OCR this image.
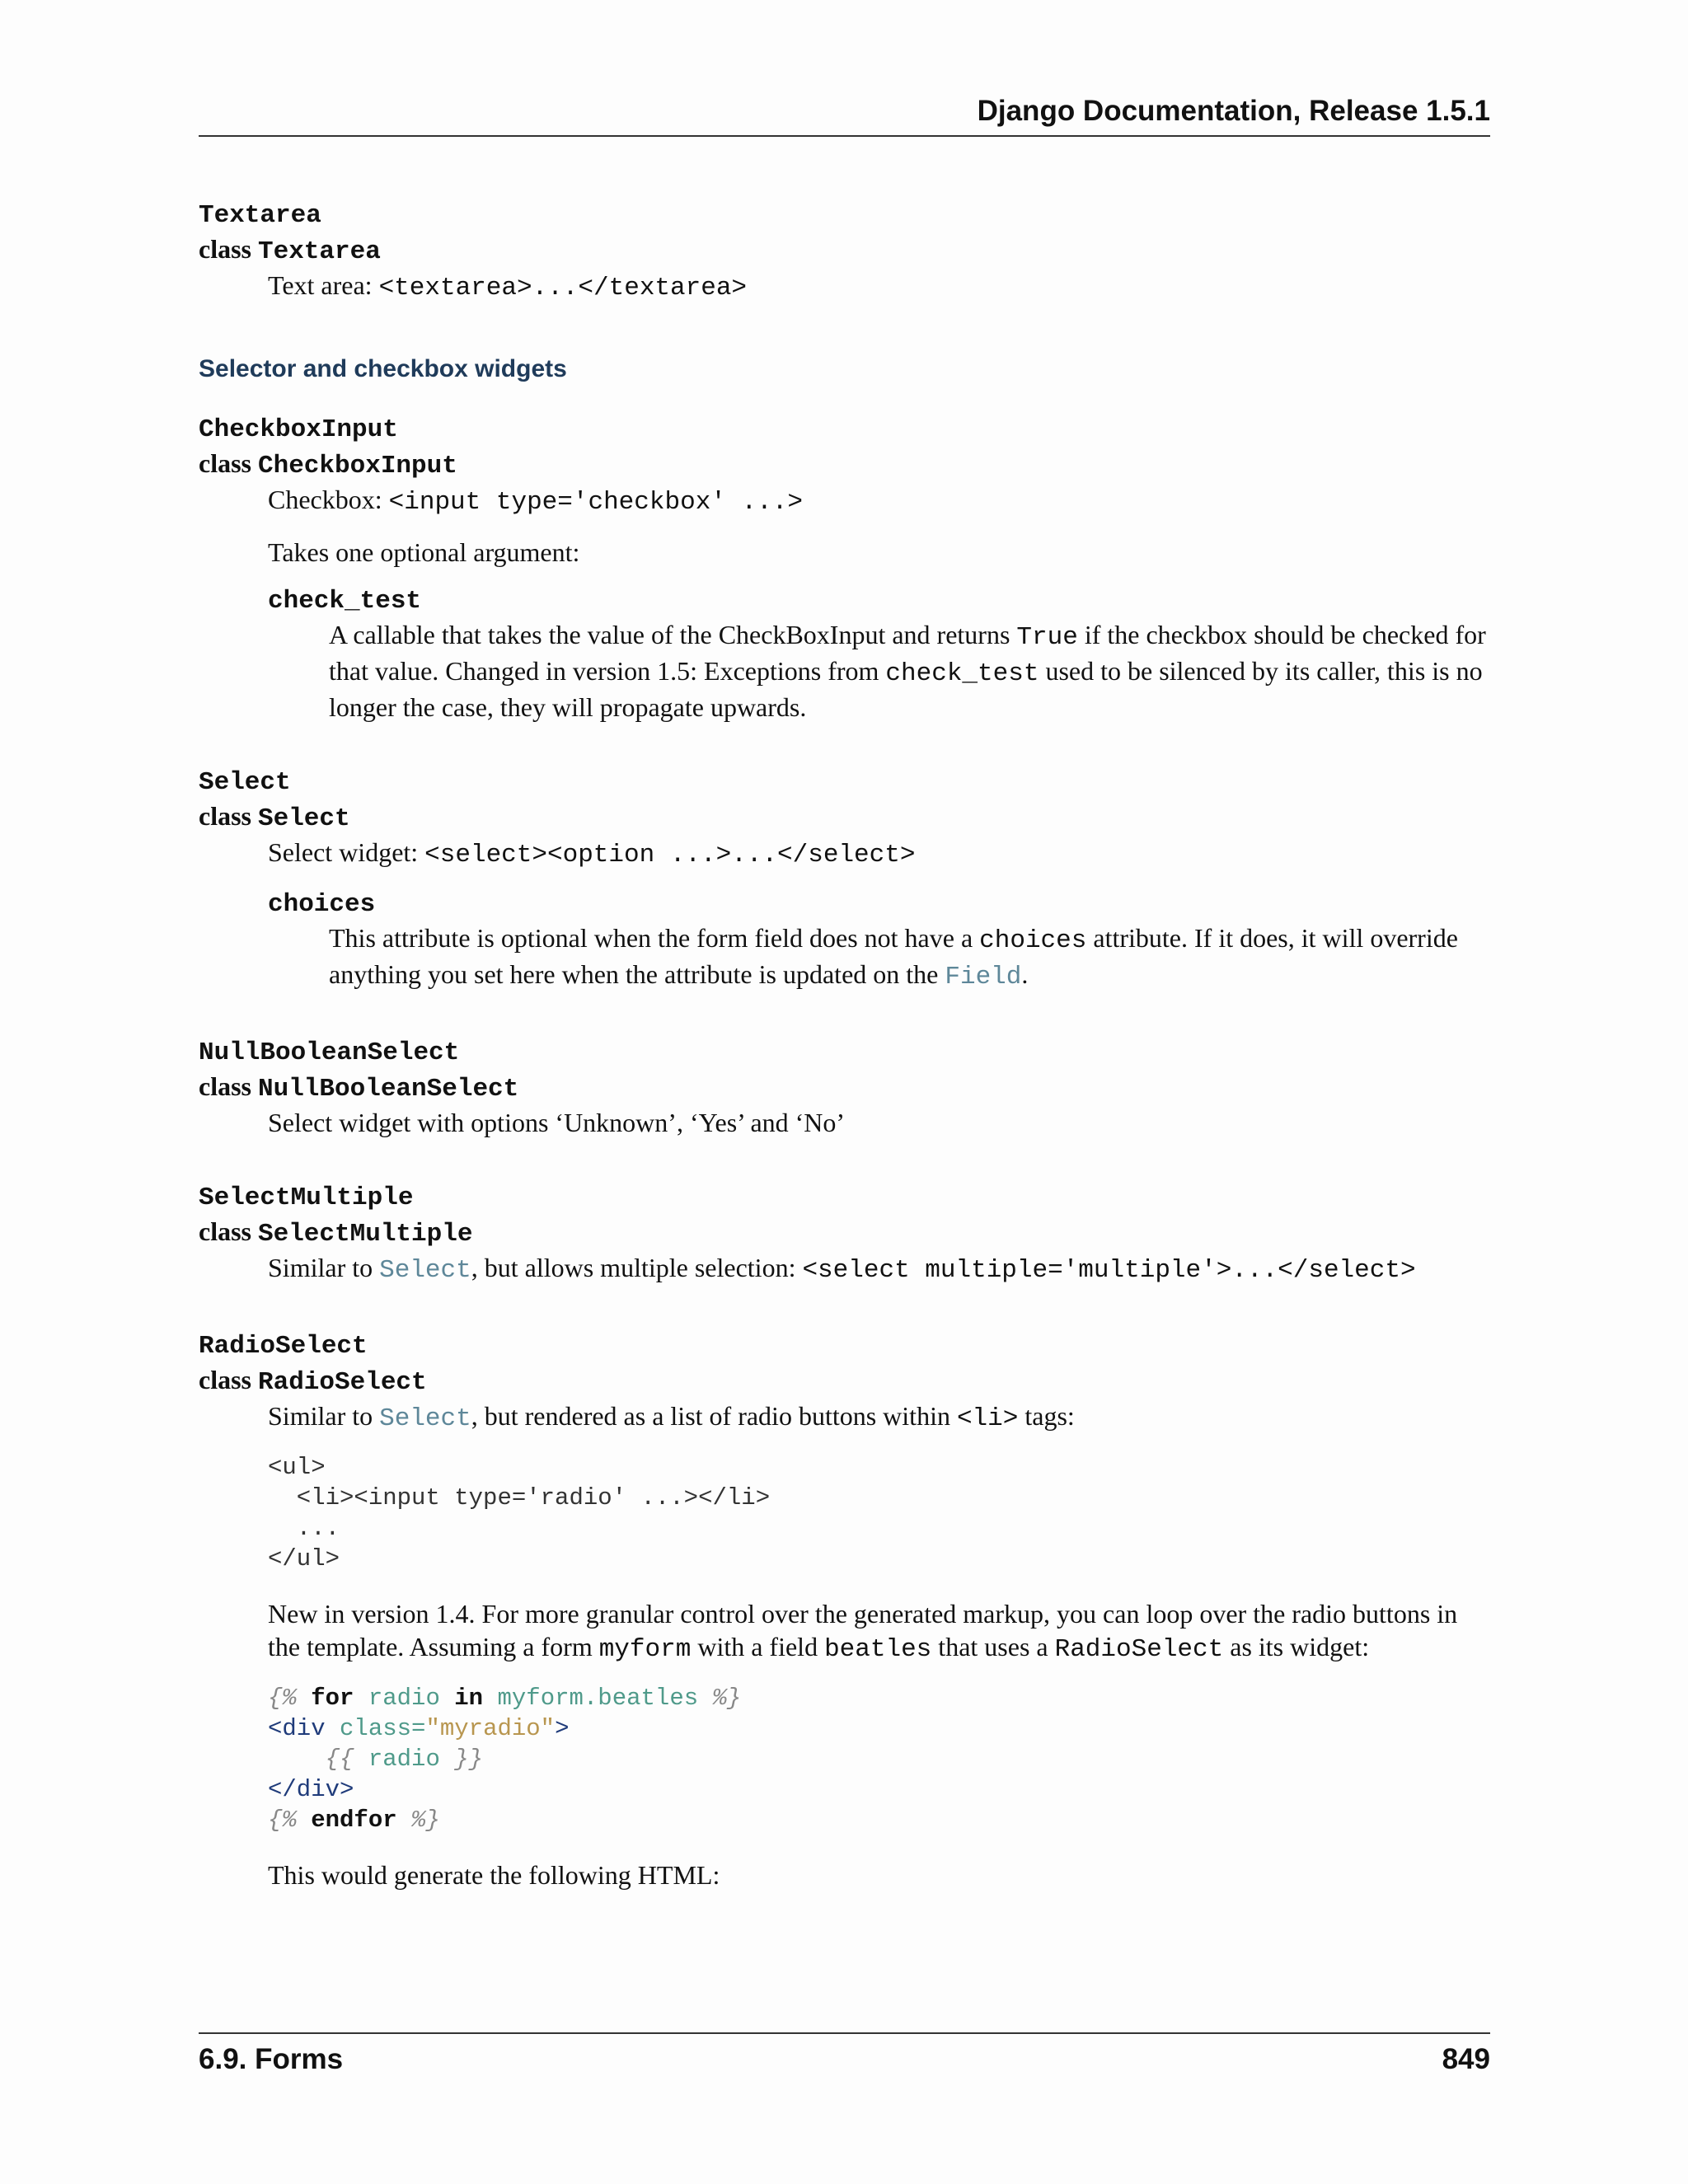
Django Documentation, Release 1.5.1
Textarea
class Textarea

Text area: <textarea>...</textarea>

Selector and checkbox widgets
CheckboxInput
class CheckboxInput

Checkbox: <input type='checkbox' ...>

Takes one optional argument:

check_test
A callable that takes the value of the CheckBoxInput and returns True if the checkbox should be checked for that value. Changed in version 1.5: Exceptions from check_test used to be silenced by its caller, this is no longer the case, they will propagate upwards.
Select
class Select

Select widget: <select><option ...>...</select>

choices
This attribute is optional when the form field does not have a choices attribute. If it does, it will override anything you set here when the attribute is updated on the Field.
NullBooleanSelect
class NullBooleanSelect

Select widget with options ‘Unknown’, ‘Yes’ and ‘No’

SelectMultiple
class SelectMultiple

Similar to Select, but allows multiple selection: <select multiple='multiple'>...</select>

RadioSelect
class RadioSelect

Similar to Select, but rendered as a list of radio buttons within <li> tags:

<ul>
<li><input type='radio' ...></li>
...
</ul>

New in version 1.4. For more granular control over the generated markup, you can loop over the radio buttons in the template. Assuming a form myform with a field beatles that uses a RadioSelect as its widget:

{% for radio in myform.beatles %}
<div class="myradio">
{{ radio }}
</div>
{% endfor %}

This would generate the following HTML:

6.9. Forms	849
